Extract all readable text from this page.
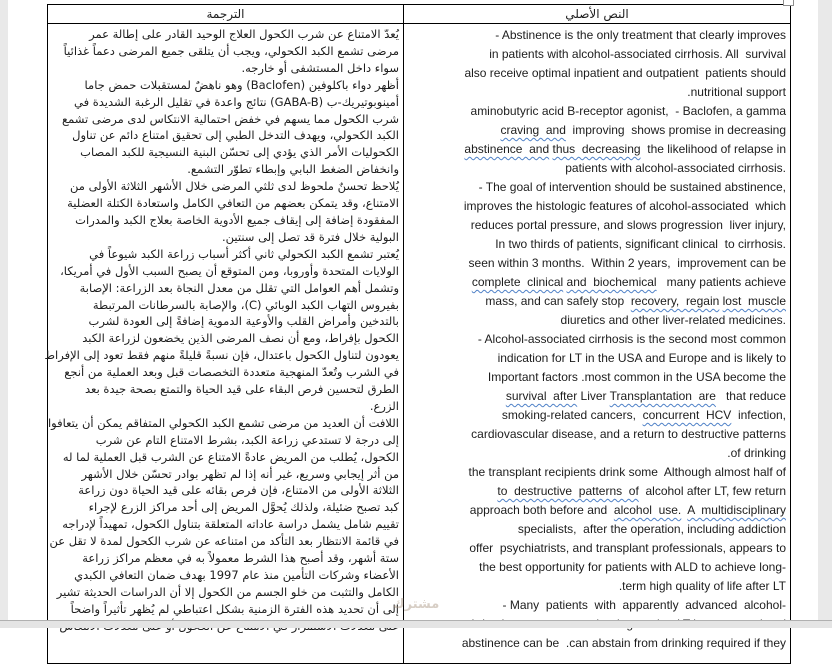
الترجمة	النص الأصلي
يُعدّ الامتناع عن شرب الكحول العلاج الوحيد القادر على إطالة عمر
مرضى تشمع الكبد الكحولي، ويجب أن يتلقى جميع المرضى دعماً غذائياً
سواء داخل المستشفى أو خارجه.
أظهر دواء باكلوفين (Baclofen) وهو ناهضٌ لمستقبلات حمض جاما
أمينوبوتيريك-ب (GABA-B) نتائج واعدة في تقليل الرغبة الشديدة في
شرب الكحول مما يسهم في خفض احتمالية الانتكاس لدى مرضى تشمع
الكبد الكحولي، ويهدف التدخل الطبي إلى تحقيق امتناع دائم عن تناول
الكحوليات الأمر الذي يؤدي إلى تحسّن البنية النسيجية للكبد المصاب
وانخفاض الضغط البابي وإبطاء تطوّر التشمع.
يُلاحظ تحسنٌ ملحوظ لدى ثلثي المرضى خلال الأشهر الثلاثة الأولى من
الامتناع، وقد يتمكن بعضهم من التعافي الكامل واستعادة الكتلة العضلية
المفقودة إضافة إلى إيقاف جميع الأدوية الخاصة بعلاج الكبد والمدرات
البولية خلال فترة قد تصل إلى سنتين.
يُعتبر تشمع الكبد الكحولي ثاني أكثر أسباب زراعة الكبد شيوعاً في
الولايات المتحدة وأوروبا، ومن المتوقع أن يصبح السبب الأول في أمريكا،
وتشمل أهم العوامل التي تقلل من معدل النجاة بعد الزراعة: الإصابة
بفيروس التهاب الكبد الوبائي (C)، والإصابة بالسرطانات المرتبطة
بالتدخين وأمراض القلب والأوعية الدموية إضافةً إلى العودة لشرب
الكحول بإفراط، ومع أن نصف المرضى الذين يخضعون لزراعة الكبد
يعودون لتناول الكحول باعتدال، فإن نسبةً قليلةً منهم فقط تعود إلى الإفراط
في الشرب وتُعدّ المنهجية متعددة التخصصات قبل وبعد العملية من أنجع
الطرق لتحسين فرص البقاء على قيد الحياة والتمتع بصحة جيدة بعد
الزرع.
اللافت أن العديد من مرضى تشمع الكبد الكحولي المتفاقم يمكن أن يتعافوا
إلى درجة لا تستدعي زراعة الكبد، بشرط الامتناع التام عن شرب
الكحول، يُطلب من المريض عادةً الامتناع عن الشرب قبل العملية لما له
من أثر إيجابي وسريع، غير أنه إذا لم تظهر بوادر تحسّن خلال الأشهر
الثلاثة الأولى من الامتناع، فإن فرص بقائه على قيد الحياة دون زراعة
كبد تصبح ضئيلة، ولذلك يُحوَّل المريض إلى أحد مراكز الزرع لإجراء
تقييم شامل يشمل دراسة عاداته المتعلقة بتناول الكحول، تمهيداً لإدراجه
في قائمة الانتظار بعد التأكد من امتناعه عن شرب الكحول لمدة لا تقل عن
ستة أشهر، وقد أصبح هذا الشرط معمولاً به في معظم مراكز زراعة
الأعضاء وشركات التأمين منذ عام 1997 بهدف ضمان التعافي الكبدي
الكامل والتثبت من خلو الجسم من الكحول إلا أن الدراسات الحديثة تشير
إلى أن تحديد هذه الفترة الزمنية بشكل اعتباطي لم يُظهر تأثيراً واضحاً
- Abstinence is the only treatment that clearly improves
in patients with alcohol-associated cirrhosis. All  survival
also receive optimal inpatient and outpatient  patients should
.nutritional support
aminobutyric acid B-receptor agonist,  - Baclofen, a gamma
craving  and  improving  shows promise in decreasing
abstinence  and thus  decreasing  the likelihood of relapse in
patients with alcohol-associated cirrhosis.
- The goal of intervention should be sustained abstinence,
improves the histologic features of alcohol-associated  which
reduces portal pressure, and slows progression  liver injury,
In two thirds of patients, significant clinical  to cirrhosis.
seen within 3 months.  Within 2 years,  improvement can be
complete  clinical and  biochemical   many patients achieve
mass, and can safely stop  recovery,  regain lost  muscle
diuretics and other liver-related medicines.
- Alcohol-associated cirrhosis is the second most common
indication for LT in the USA and Europe and is likely to
Important factors .most common in the USA become the
survival  after Liver Transplantation  are   that reduce
smoking-related cancers,  concurrent  HCV  infection,
cardiovascular disease, and a return to destructive patterns
.of drinking
the transplant recipients drink some  Although almost half of
to  destructive  patterns  of  alcohol after LT, few return
approach both before and  alcohol  use. A  multidisciplinary
specialists,  after the operation, including addiction
offer  psychiatrists, and transplant professionals, appears to
the best opportunity for patients with ALD to achieve long-
.term high quality of life after LT
- Many  patients  with  apparently  advanced  alcohol-
abstinence can be  .can abstain from drinking required if they
مشترك
